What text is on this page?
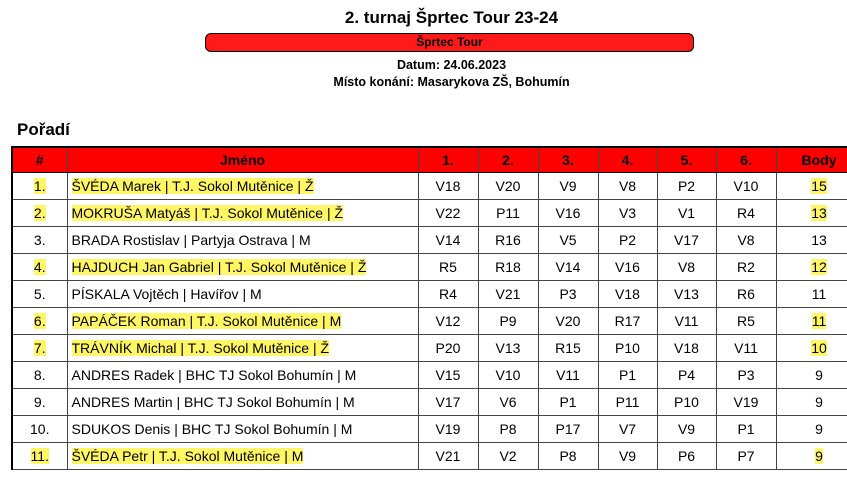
2. turnaj Šprtec Tour 23-24
Šprtec Tour
Datum: 24.06.2023
Místo konání: Masarykova ZŠ, Bohumín
Pořadí
#	Jméno	1.	2.	3.	4.	5.	6.	Body
1.	ŠVÉDA Marek | T.J. Sokol Mutěnice | Ž	V18	V20	V9	V8	P2	V10	15
2.	MOKRUŠA Matyáš | T.J. Sokol Mutěnice | Ž	V22	P11	V16	V3	V1	R4	13
3.	BRADA Rostislav | Partyja Ostrava | M	V14	R16	V5	P2	V17	V8	13
4.	HAJDUCH Jan Gabriel | T.J. Sokol Mutěnice | Ž	R5	R18	V14	V16	V8	R2	12
5.	PÍSKALA Vojtěch | Havířov | M	R4	V21	P3	V18	V13	R6	11
6.	PAPÁČEK Roman | T.J. Sokol Mutěnice | M	V12	P9	V20	R17	V11	R5	11
7.	TRÁVNÍK Michal | T.J. Sokol Mutěnice | Ž	P20	V13	R15	P10	V18	V11	10
8.	ANDRES Radek | BHC TJ Sokol Bohumín | M	V15	V10	V11	P1	P4	P3	9
9.	ANDRES Martin | BHC TJ Sokol Bohumín | M	V17	V6	P1	P11	P10	V19	9
10.	SDUKOS Denis | BHC TJ Sokol Bohumín | M	V19	P8	P17	V7	V9	P1	9
11.	ŠVÉDA Petr | T.J. Sokol Mutěnice | M	V21	V2	P8	V9	P6	P7	9
